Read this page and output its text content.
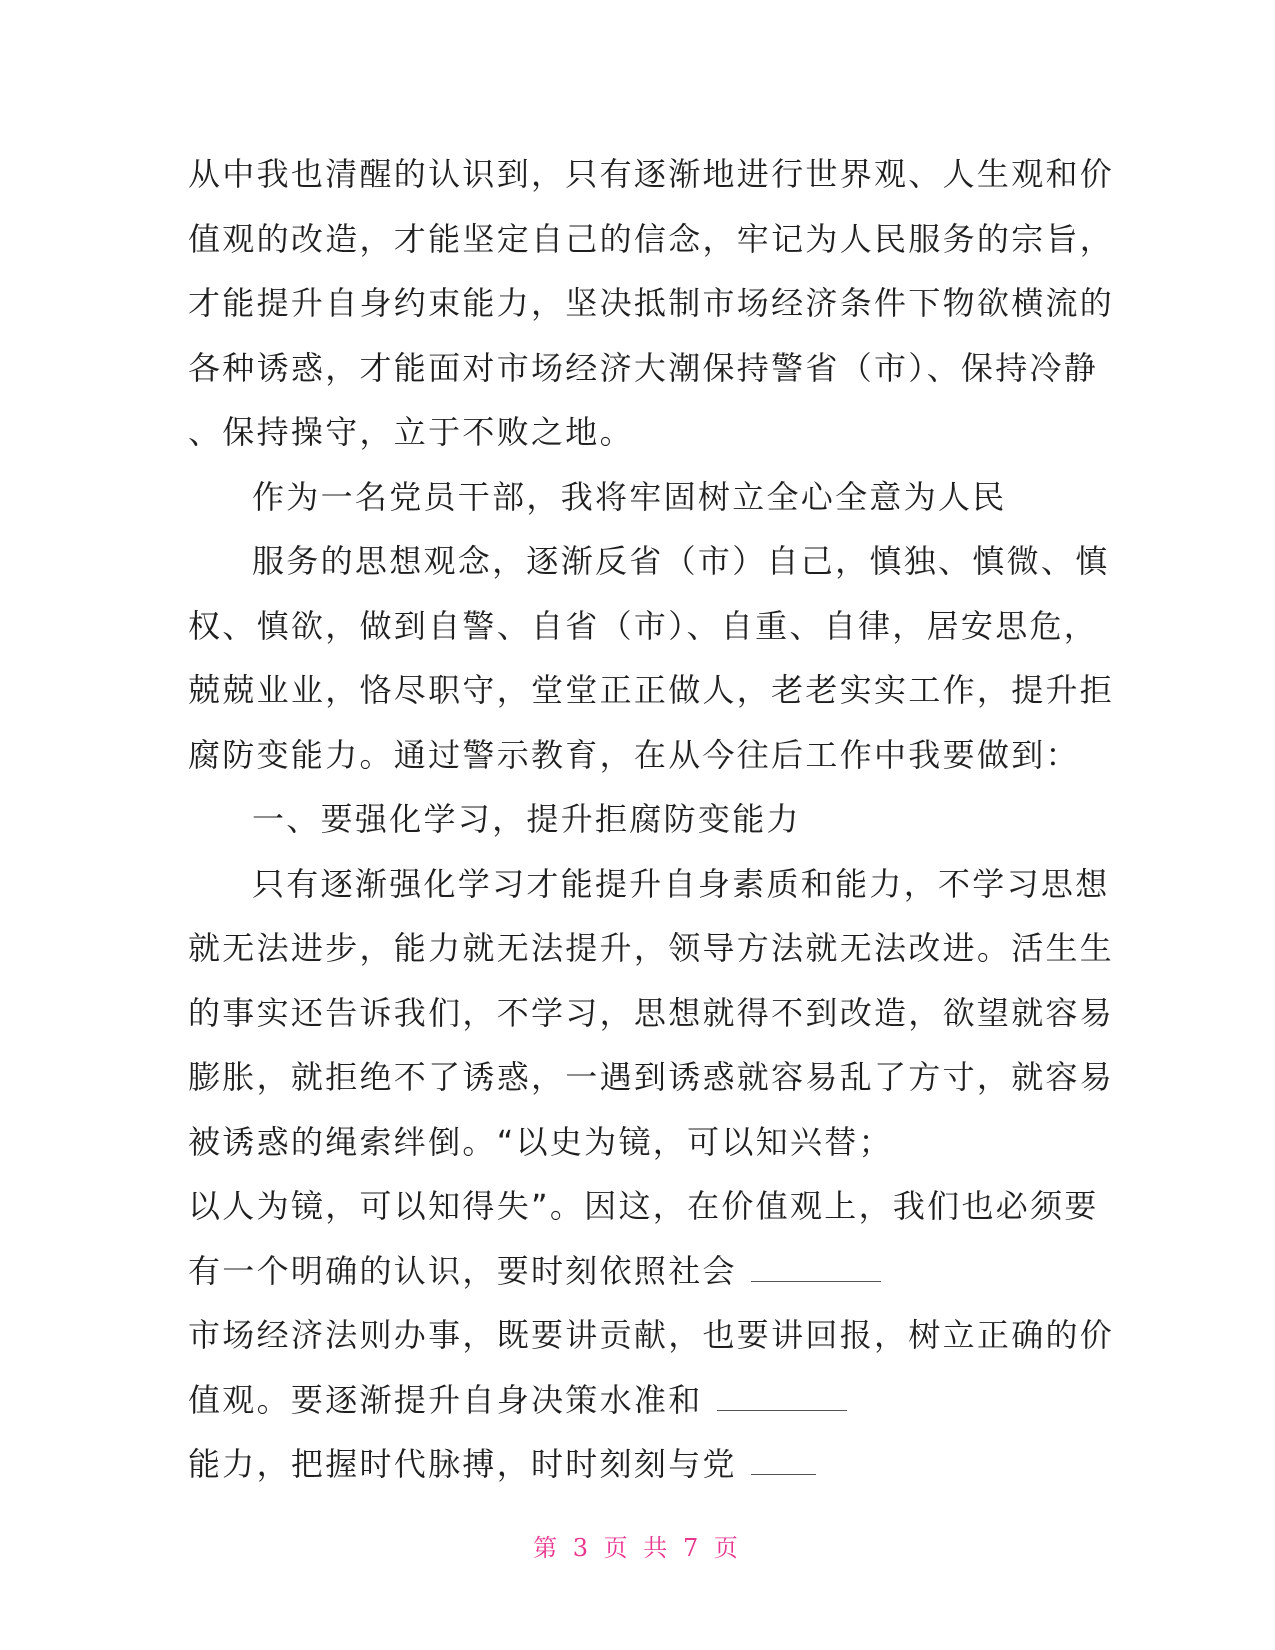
从中我也清醒的认识到，只有逐渐地进行世界观、人生观和价
值观的改造，才能坚定自己的信念，牢记为人民服务的宗旨，
才能提升自身约束能力，坚决抵制市场经济条件下物欲横流的
各种诱惑，才能面对市场经济大潮保持警省（市）、保持冷静
、保持操守，立于不败之地。
作为一名党员干部，我将牢固树立全心全意为人民
服务的思想观念，逐渐反省（市）自己，慎独、慎微、慎
权、慎欲，做到自警、自省（市）、自重、自律，居安思危，
兢兢业业，恪尽职守，堂堂正正做人，老老实实工作，提升拒
腐防变能力。通过警示教育，在从今往后工作中我要做到：
一、要强化学习，提升拒腐防变能力
只有逐渐强化学习才能提升自身素质和能力，不学习思想
就无法进步，能力就无法提升，领导方法就无法改进。活生生
的事实还告诉我们，不学习，思想就得不到改造，欲望就容易
膨胀，就拒绝不了诱惑，一遇到诱惑就容易乱了方寸，就容易
被诱惑的绳索绊倒。“以史为镜，可以知兴替；
以人为镜，可以知得失”。因这，在价值观上，我们也必须要
有一个明确的认识，要时刻依照社会
市场经济法则办事，既要讲贡献，也要讲回报，树立正确的价
值观。要逐渐提升自身决策水准和
能力，把握时代脉搏，时时刻刻与党
第 3 页 共 7 页
